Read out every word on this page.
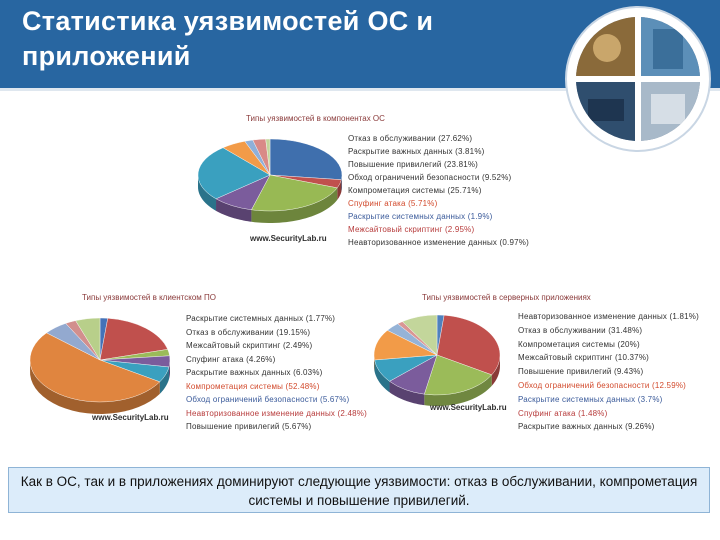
Статистика уязвимостей ОС и приложений
Типы уязвимостей в компонентах ОС
Отказ в обслуживании (27.62%)
Раскрытие важных данных (3.81%)
Повышение привилегий (23.81%)
Обход ограничений безопасности (9.52%)
Компрометация системы (25.71%)
Спуфинг атака (5.71%)
Раскрытие системных данных (1.9%)
Межсайтовый скриптинг (2.95%)
Неавторизованное изменение данных (0.97%)
www.SecurityLab.ru
Типы уязвимостей в клиентском ПО
Раскрытие системных данных (1.77%)
Отказ в обслуживании (19.15%)
Межсайтовый скриптинг (2.49%)
Спуфинг атака (4.26%)
Раскрытие важных данных (6.03%)
Компрометация системы (52.48%)
Обход ограничений безопасности (5.67%)
Неавторизованное изменение данных (2.48%)
Повышение привилегий (5.67%)
www.SecurityLab.ru
Типы уязвимостей в серверных приложениях
Неавторизованное изменение данных (1.81%)
Отказ в обслуживании (31.48%)
Компрометация системы (20%)
Межсайтовый скриптинг (10.37%)
Повышение привилегий (9.43%)
Обход ограничений безопасности (12.59%)
Раскрытие системных данных (3.7%)
Спуфинг атака (1.48%)
Раскрытие важных данных (9.26%)
www.SecurityLab.ru
Как в ОС, так и в приложениях доминируют следующие уязвимости: отказ в обслуживании, компрометация системы и повышение привилегий.
